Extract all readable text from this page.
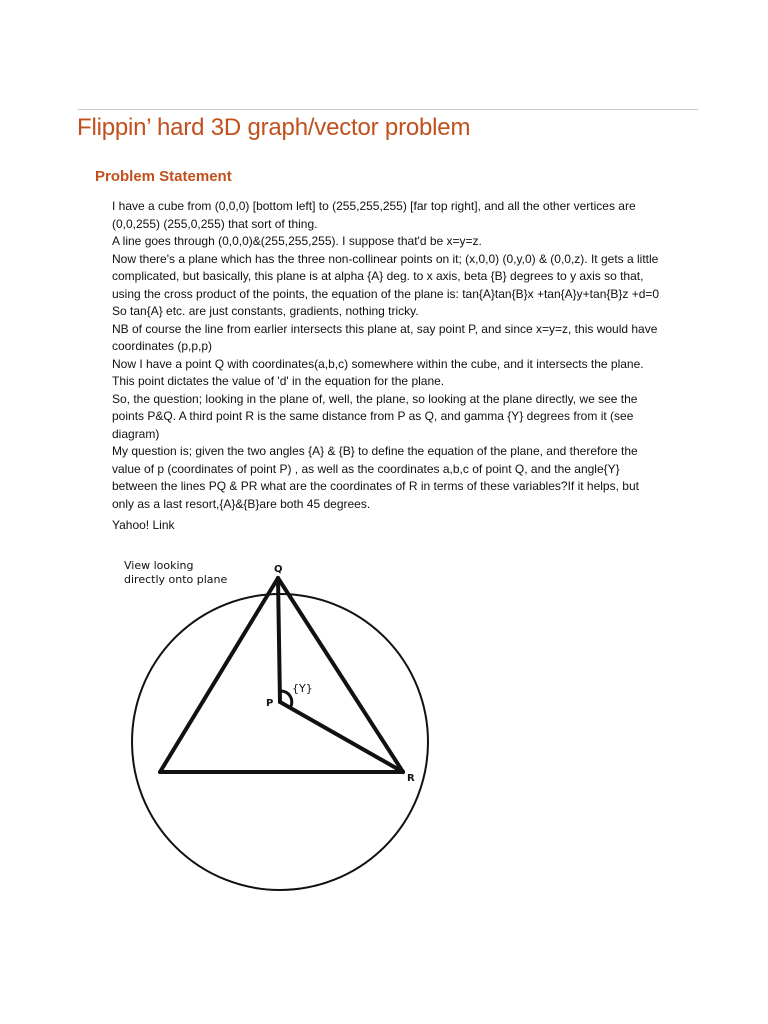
Flippin’ hard 3D graph/vector problem
Problem Statement
I have a cube from (0,0,0) [bottom left] to (255,255,255) [far top right], and all the other vertices are
(0,0,255) (255,0,255) that sort of thing.
A line goes through (0,0,0)&(255,255,255). I suppose that'd be x=y=z.
Now there's a plane which has the three non-collinear points on it; (x,0,0) (0,y,0) & (0,0,z). It gets a little
complicated, but basically, this plane is at alpha {A} deg. to x axis, beta {B} degrees to y axis so that,
using the cross product of the points, the equation of the plane is: tan{A}tan{B}x +tan{A}y+tan{B}z +d=0
So tan{A} etc. are just constants, gradients, nothing tricky.
NB of course the line from earlier intersects this plane at, say point P, and since x=y=z, this would have
coordinates (p,p,p)
Now I have a point Q with coordinates(a,b,c) somewhere within the cube, and it intersects the plane.
This point dictates the value of 'd' in the equation for the plane.
So, the question; looking in the plane of, well, the plane, so looking at the plane directly, we see the
points P&Q. A third point R is the same distance from P as Q, and gamma {Y} degrees from it (see
diagram)
My question is; given the two angles {A} & {B} to define the equation of the plane, and therefore the
value of p (coordinates of point P) , as well as the coordinates a,b,c of point Q, and the angle{Y}
between the lines PQ & PR what are the coordinates of R in terms of these variables?If it helps, but
only as a last resort,{A}&{B}are both 45 degrees.
Yahoo! Link
View looking
directly onto plane
Q
P
R
{Y}
